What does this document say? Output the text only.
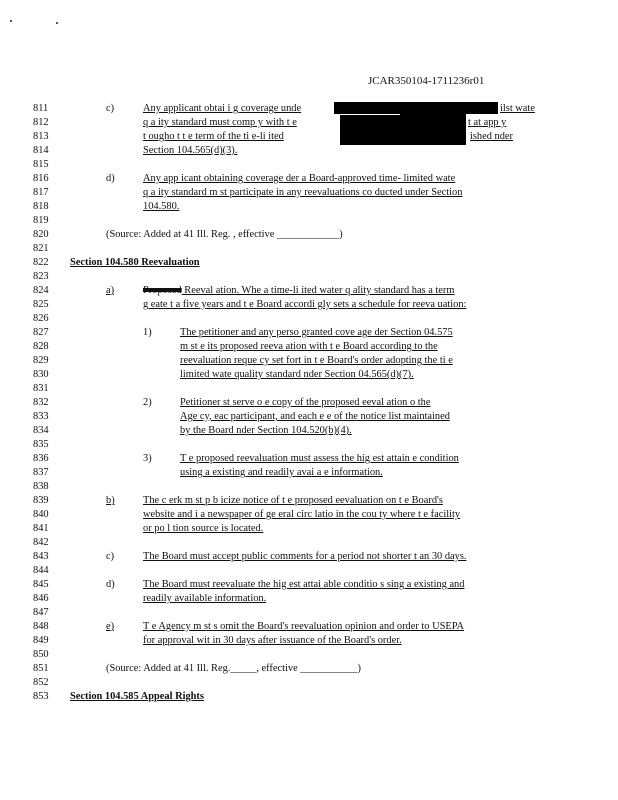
JCAR350104-1711236r01
811
812
813
814
815
816
817
818
819
820
821
822
823
824
825
826
827
828
829
830
831
832
833
834
835
836
837
838
839
840
841
842
843
844
845
846
847
848
849
850
851
852
853
c)	Any applicant obtai i g coverage unde	ilst wate
q a ity standard must comp y with t e	t at app y
t ougho t t e term of the ti e-li ited	ished nder
Section 104.565(d)(3).
d)	Any app icant obtaining coverage der a Board-approved time- limited wate
q a ity standard m st participate in any reevaluations co ducted under Section
104.580.
(Source: Added at 41 Ill. Reg. , effective ____________)
Section 104.580 Reevaluation
a)	Proposed Reeval ation. Whe a time-li ited water q ality standard has a term
g eate t a five years and t e Board accordi gly sets a schedule for reeva uation:
1)	The petitioner and any perso granted cove age der Section 04.575
m st e its proposed reeva ation with t e Board according to the
reevaluation reque cy set fort in t e Board's order adopting the ti e
limited wate quality standard nder Section 04.565(d)(7).
2)	Petitioner st serve o e copy of the proposed eeval ation o the
Age cy, eac participant, and each e e of the notice list maintained
by the Board nder Section 104.520(b)(4).
3)	T e proposed reevaluation must assess the hig est attain e condition
using a existing and readily avai a e information.
b)	The c erk m st p b icize notice of t e proposed eevaluation on t e Board's
website and i a newspaper of ge eral circ latio in the cou ty where t e facility
or po l tion source is located.
c)	The Board must accept public comments for a period not shorter t an 30 days.
d)	The Board must reevaluate the hig est attai able conditio s sing a existing and
readily available information.
e)	T e Agency m st s omit the Board's reevaluation opinion and order to USEPA
for approval wit in 30 days after issuance of the Board's order.
(Source: Added at 41 Ill. Reg._____, effective ___________)
Section 104.585 Appeal Rights
